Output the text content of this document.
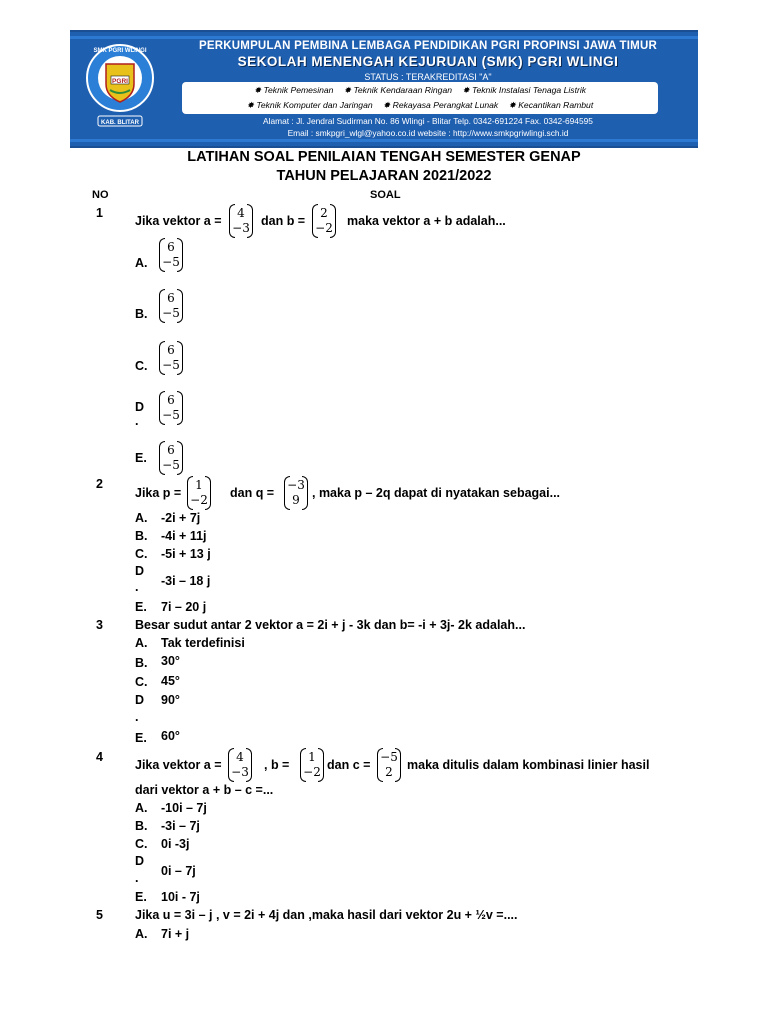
PGRI
SMK PGRI WLINGI
KAB. BLITAR
PERKUMPULAN PEMBINA LEMBAGA PENDIDIKAN PGRI PROPINSI JAWA TIMUR
SEKOLAH MENENGAH KEJURUAN (SMK) PGRI WLINGI
STATUS : TERAKREDITASI "A"
✸ Teknik Pemesinan ✸ Teknik Kendaraan Ringan ✸ Teknik Instalasi Tenaga Listrik
✸ Teknik Komputer dan Jaringan ✸ Rekayasa Perangkat Lunak ✸ Kecantikan Rambut
Alamat : Jl. Jendral Sudirman No. 86 Wlingi - Blitar Telp. 0342-691224 Fax. 0342-694595
Email : smkpgri_wlgl@yahoo.co.id website : http://www.smkpgriwlingi.sch.id
LATIHAN SOAL PENILAIAN TENGAH SEMESTER GENAP
TAHUN PELAJARAN 2021/2022
NO	SOAL
1
Jika vektor a =
4
−3 dan b =
2
−2 maka vektor a + b adalah...
A.
6
−5
B.
6
−5
C.
6
−5
D
.
6
−5
E.
6
−5
2
Jika p =
1
−2 dan q =
−3
9 , maka p – 2q dapat di nyatakan sebagai...
A. -2i + 7j
B. -4i + 11j
C. -5i + 13 j
D
. -3i – 18 j
E. 7i – 20 j
3	Besar sudut antar 2 vektor a = 2i + j - 3k dan b= -i + 3j- 2k adalah...
A. Tak terdefinisi
B. 30°
C. 45°
D
.
90°
E. 60°
4
Jika vektor a =
4
−3 , b =
1
−2 dan c =
−5
2	maka ditulis dalam kombinasi linier hasil
dari vektor a + b – c =...
A. -10i – 7j
B. -3i – 7j
C. 0i -3j
D
. 0i – 7j
E. 10i - 7j
5	Jika u = 3i – j , v = 2i + 4j dan ,maka hasil dari vektor 2u + ½v =....
A. 7i + j
